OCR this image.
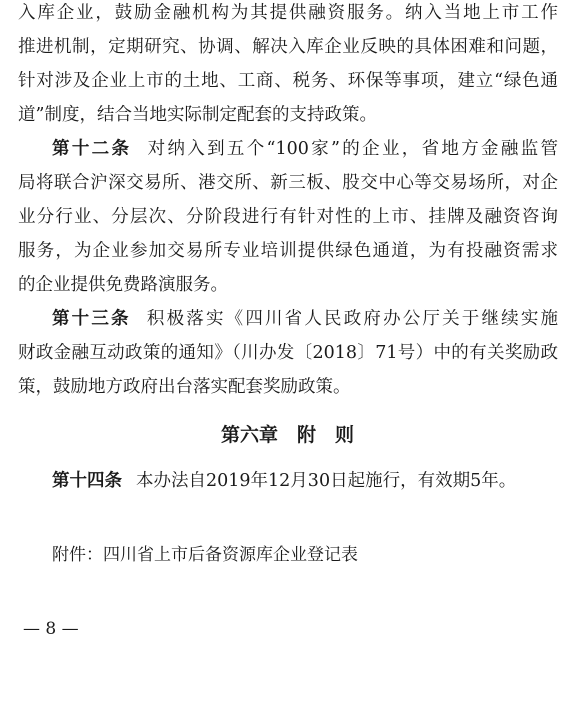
入库企业，鼓励金融机构为其提供融资服务。纳入当地上市工作
推进机制，定期研究、协调、解决入库企业反映的具体困难和问题，
针对涉及企业上市的土地、工商、税务、环保等事项，建立“绿色通
道”制度，结合当地实际制定配套的支持政策。
第十二条 对纳入到五个“100家”的企业，省地方金融监管
局将联合沪深交易所、港交所、新三板、股交中心等交易场所，对企
业分行业、分层次、分阶段进行有针对性的上市、挂牌及融资咨询
服务，为企业参加交易所专业培训提供绿色通道，为有投融资需求
的企业提供免费路演服务。
第十三条 积极落实《四川省人民政府办公厅关于继续实施
财政金融互动政策的通知》（川办发〔2018〕71号）中的有关奖励政
策，鼓励地方政府出台落实配套奖励政策。
第六章　附　则
第十四条 本办法自2019年12月30日起施行，有效期5年。
附件：四川省上市后备资源库企业登记表
— 8 —
